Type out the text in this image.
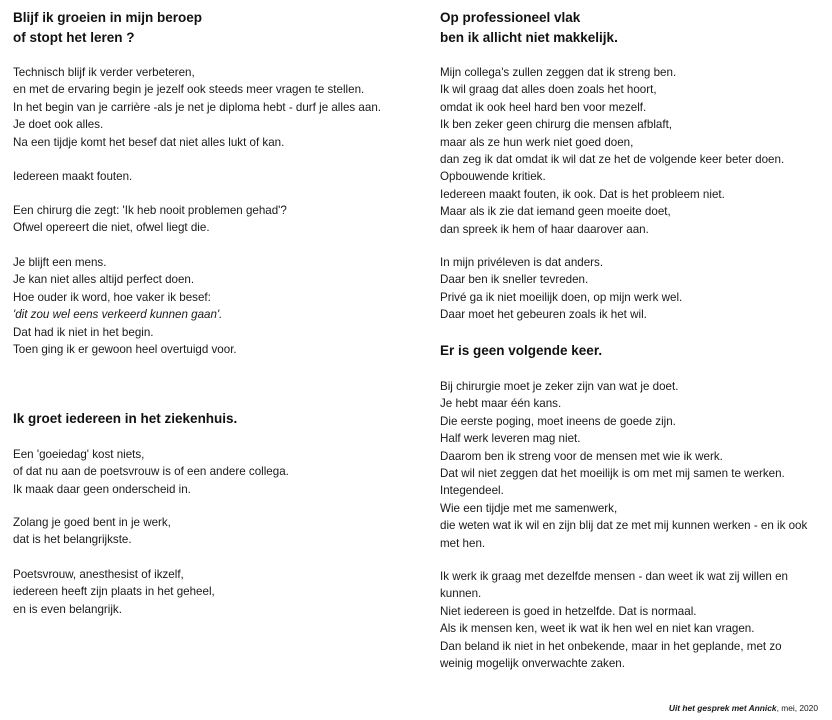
Blijf ik groeien in mijn beroep
of stopt het leren ?
Technisch blijf ik verder verbeteren,
en met de ervaring begin je jezelf ook steeds meer vragen te stellen.
In het begin van je carrière -als je net je diploma hebt - durf je alles aan.
Je doet ook alles.
Na een tijdje komt het besef dat niet alles lukt of kan.
Iedereen maakt fouten.
Een chirurg die zegt: 'Ik heb nooit problemen gehad'?
Ofwel opereert die niet, ofwel liegt die.
Je blijft een mens.
Je kan niet alles altijd perfect doen.
Hoe ouder ik word, hoe vaker ik besef:
'dit zou wel eens verkeerd kunnen gaan'.
Dat had ik niet in het begin.
Toen ging ik er gewoon heel overtuigd voor.
Ik groet iedereen in het ziekenhuis.
Een 'goeiedag' kost niets,
of dat nu aan de poetsvrouw is of een andere collega.
Ik maak daar geen onderscheid in.
Zolang je goed bent in je werk,
dat is het belangrijkste.
Poetsvrouw, anesthesist of ikzelf,
iedereen heeft zijn plaats in het geheel,
en is even belangrijk.
Op professioneel vlak
ben ik allicht niet makkelijk.
Mijn collega's zullen zeggen dat ik streng ben.
Ik wil graag dat alles doen zoals het hoort,
omdat ik ook heel hard ben voor mezelf.
Ik ben zeker geen chirurg die mensen afblaft,
maar als ze hun werk niet goed doen,
dan zeg ik dat omdat ik wil dat ze het de volgende keer beter doen.
Opbouwende kritiek.
Iedereen maakt fouten, ik ook. Dat is het probleem niet.
Maar als ik zie dat iemand geen moeite doet,
dan spreek ik hem of haar daarover aan.
In mijn privéleven is dat anders.
Daar ben ik sneller tevreden.
Privé ga ik niet moeilijk doen, op mijn werk wel.
Daar moet het gebeuren zoals ik het wil.
Er is geen volgende keer.
Bij chirurgie moet je zeker zijn van wat je doet.
Je hebt maar één kans.
Die eerste poging, moet ineens de goede zijn.
Half werk leveren mag niet.
Daarom ben ik streng voor de mensen met wie ik werk.
Dat wil niet zeggen dat het moeilijk is om met mij samen te werken.
Integendeel.
Wie een tijdje met me samenwerk,
die weten wat ik wil en zijn blij dat ze met mij kunnen werken - en ik ook
met hen.
Ik werk ik graag met dezelfde mensen - dan weet ik wat zij willen en
kunnen.
Niet iedereen is goed in hetzelfde. Dat is normaal.
Als ik mensen ken, weet ik wat ik hen wel en niet kan vragen.
Dan beland ik niet in het onbekende, maar in het geplande, met zo
weinig mogelijk onverwachte zaken.
Uit het gesprek met Annick, mei, 2020
